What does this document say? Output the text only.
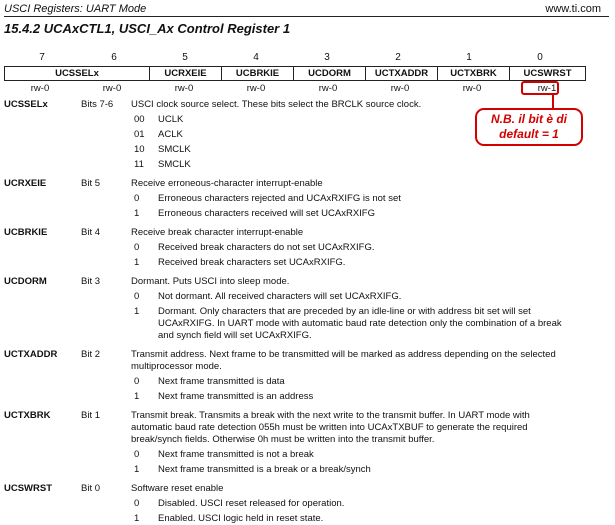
USCI Registers: UART Mode	www.ti.com
15.4.2 UCAxCTL1, USCI_Ax Control Register 1
7	6	5	4	3	2	1	0
UCSSELx	UCRXEIE	UCBRKIE	UCDORM	UCTXADDR	UCTXBRK	UCSWRST
rw-0	rw-0	rw-0	rw-0	rw-0	rw-0	rw-0	rw-1
N.B. il bit è di
default = 1
UCSSELx	Bits 7-6 USCI clock source select. These bits select the BRCLK source clock.
00	UCLK
01	ACLK
10	SMCLK
11	SMCLK
UCRXEIE	Bit 5	Receive erroneous-character interrupt-enable
0	Erroneous characters rejected and UCAxRXIFG is not set
1	Erroneous characters received will set UCAxRXIFG
UCBRKIE	Bit 4	Receive break character interrupt-enable
0	Received break characters do not set UCAxRXIFG.
1	Received break characters set UCAxRXIFG.
UCDORM	Bit 3	Dormant. Puts USCI into sleep mode.
0	Not dormant. All received characters will set UCAxRXIFG.
1	Dormant. Only characters that are preceded by an idle-line or with address bit set will set UCAxRXIFG. In UART mode with automatic baud rate detection only the combination of a break and synch field will set UCAxRXIFG.
UCTXADDR Bit 2	Transmit address. Next frame to be transmitted will be marked as address depending on the selected multiprocessor mode.
0	Next frame transmitted is data
1	Next frame transmitted is an address
UCTXBRK	Bit 1	Transmit break. Transmits a break with the next write to the transmit buffer. In UART mode with automatic baud rate detection 055h must be written into UCAxTXBUF to generate the required break/synch fields. Otherwise 0h must be written into the transmit buffer.
0	Next frame transmitted is not a break
1	Next frame transmitted is a break or a break/synch
UCSWRST	Bit 0	Software reset enable
0	Disabled. USCI reset released for operation.
1	Enabled. USCI logic held in reset state.
